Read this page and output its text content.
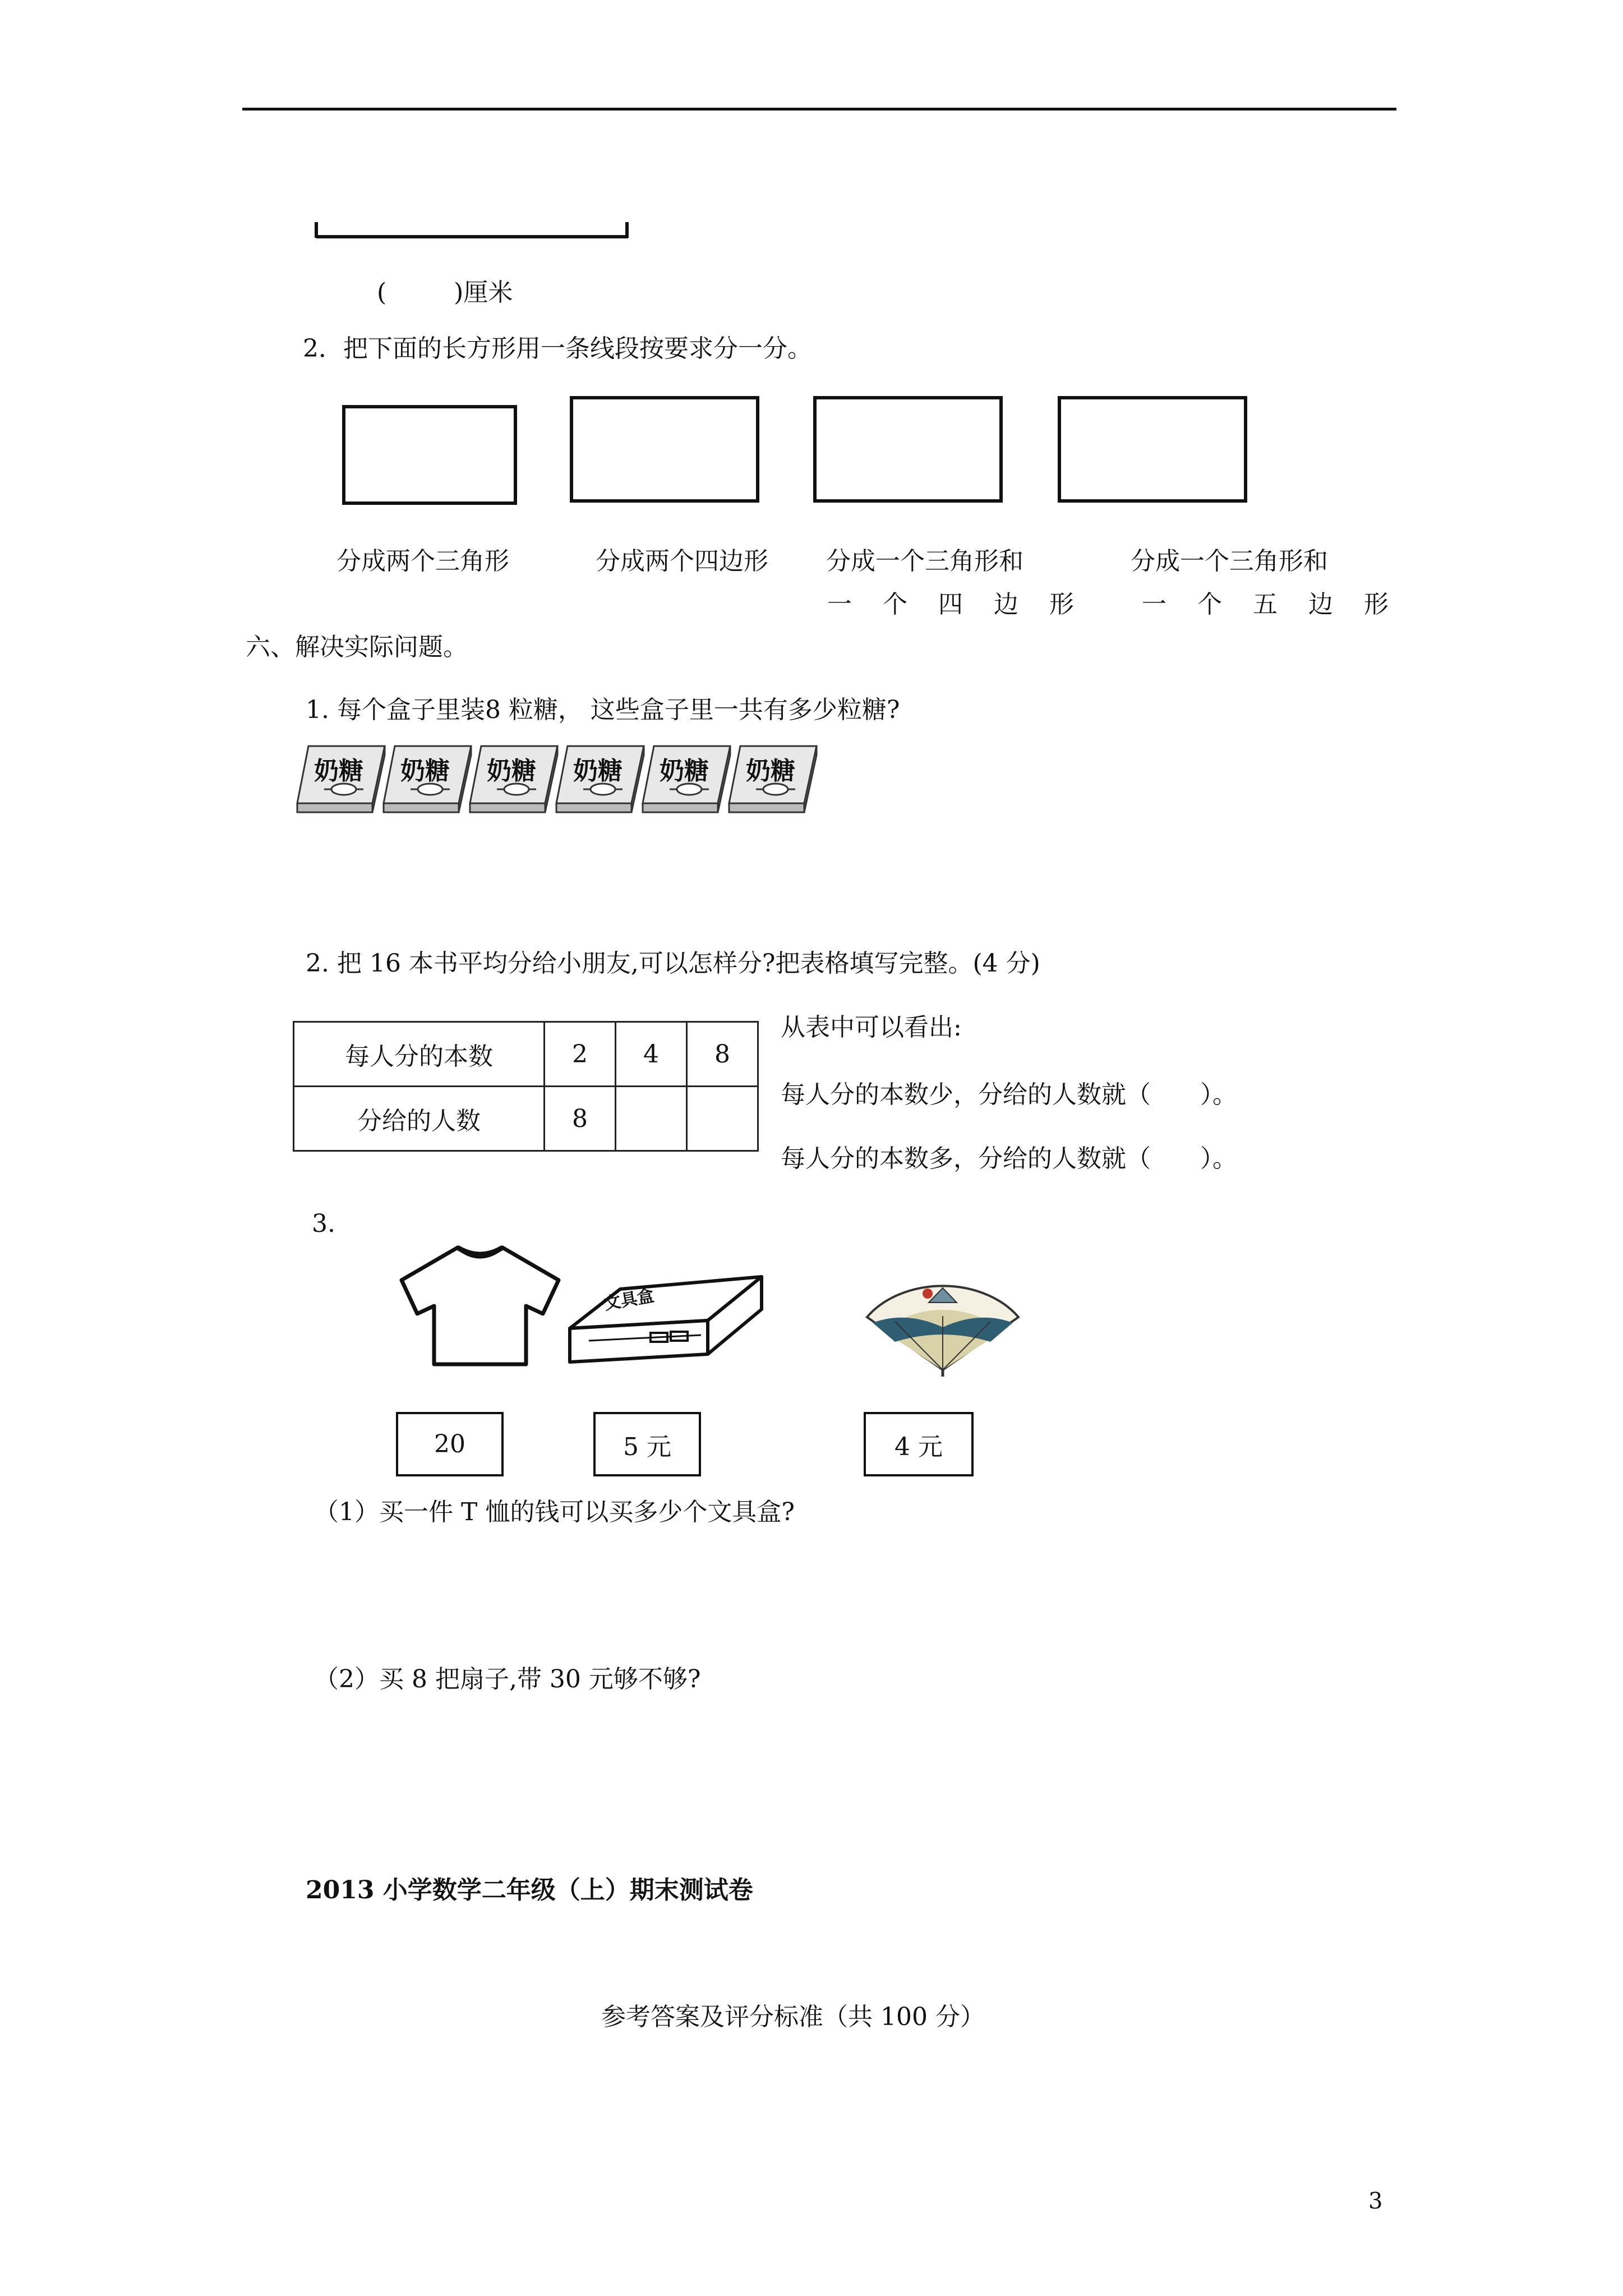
(	)厘米
2．把下面的长方形用一条线段按要求分一分。
分成两个三角形	分成两个四边形 分成一个三角形和	分成一个三角形和
一 个 四 边 形	一 个 五 边 形
六、解决实际问题。
1. 每个盒子里装8 粒糖， 这些盒子里一共有多少粒糖?
奶糖 奶糖 奶糖 奶糖 奶糖 奶糖
2. 把 16 本书平均分给小朋友,可以怎样分?把表格填写完整。(4 分)
每人分的本数	2	4	8
分给的人数	8		
从表中可以看出:
每人分的本数少，分给的人数就（　　）。
每人分的本数多，分给的人数就（　　）。
3.
文具盒
20	5 元	4 元
（1）买一件 T 恤的钱可以买多少个文具盒?
（2）买 8 把扇子,带 30 元够不够?
2013 小学数学二年级（上）期末测试卷
参考答案及评分标准（共 100 分）
3
